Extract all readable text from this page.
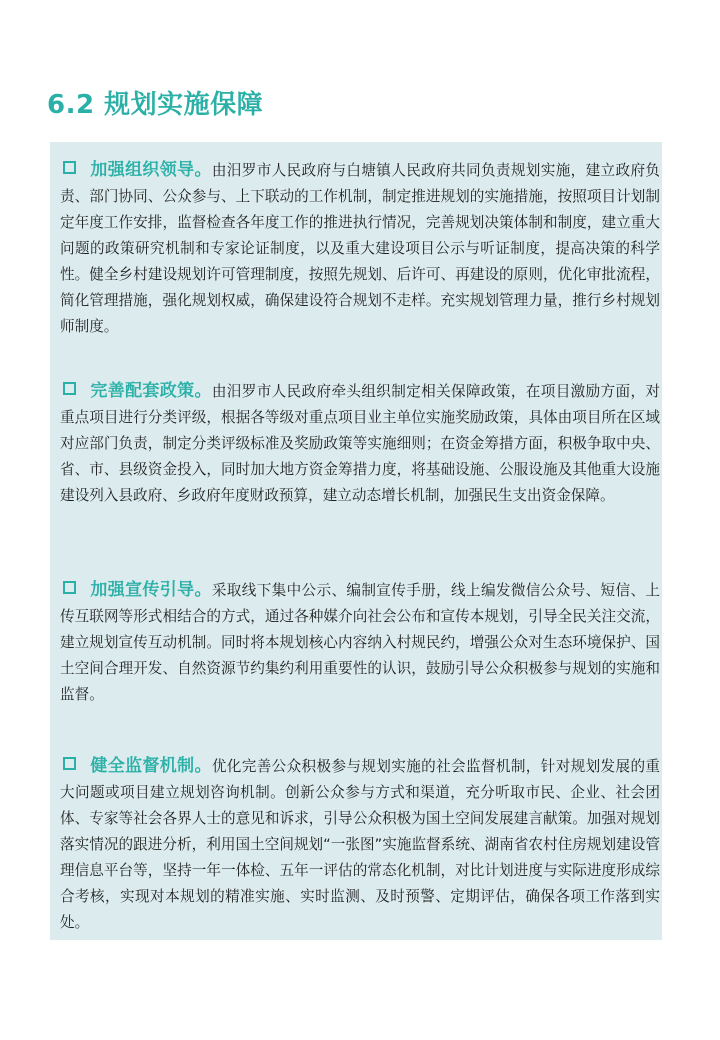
6.2 规划实施保障
加强组织领导。由汨罗市人民政府与白塘镇人民政府共同负责规划实施，建立政府负责、部门协同、公众参与、上下联动的工作机制，制定推进规划的实施措施，按照项目计划制定年度工作安排，监督检查各年度工作的推进执行情况，完善规划决策体制和制度，建立重大问题的政策研究机制和专家论证制度，以及重大建设项目公示与听证制度，提高决策的科学性。健全乡村建设规划许可管理制度，按照先规划、后许可、再建设的原则，优化审批流程，简化管理措施，强化规划权威，确保建设符合规划不走样。充实规划管理力量，推行乡村规划师制度。
完善配套政策。由汨罗市人民政府牵头组织制定相关保障政策，在项目激励方面，对重点项目进行分类评级，根据各等级对重点项目业主单位实施奖励政策，具体由项目所在区域对应部门负责，制定分类评级标准及奖励政策等实施细则；在资金筹措方面，积极争取中央、省、市、县级资金投入，同时加大地方资金筹措力度，将基础设施、公服设施及其他重大设施建设列入县政府、乡政府年度财政预算，建立动态增长机制，加强民生支出资金保障。
加强宣传引导。采取线下集中公示、编制宣传手册，线上编发微信公众号、短信、上传互联网等形式相结合的方式，通过各种媒介向社会公布和宣传本规划，引导全民关注交流，建立规划宣传互动机制。同时将本规划核心内容纳入村规民约，增强公众对生态环境保护、国土空间合理开发、自然资源节约集约利用重要性的认识，鼓励引导公众积极参与规划的实施和监督。
健全监督机制。优化完善公众积极参与规划实施的社会监督机制，针对规划发展的重大问题或项目建立规划咨询机制。创新公众参与方式和渠道，充分听取市民、企业、社会团体、专家等社会各界人士的意见和诉求，引导公众积极为国土空间发展建言献策。加强对规划落实情况的跟进分析，利用国土空间规划“一张图”实施监督系统、湖南省农村住房规划建设管理信息平台等，坚持一年一体检、五年一评估的常态化机制，对比计划进度与实际进度形成综合考核，实现对本规划的精准实施、实时监测、及时预警、定期评估，确保各项工作落到实处。
